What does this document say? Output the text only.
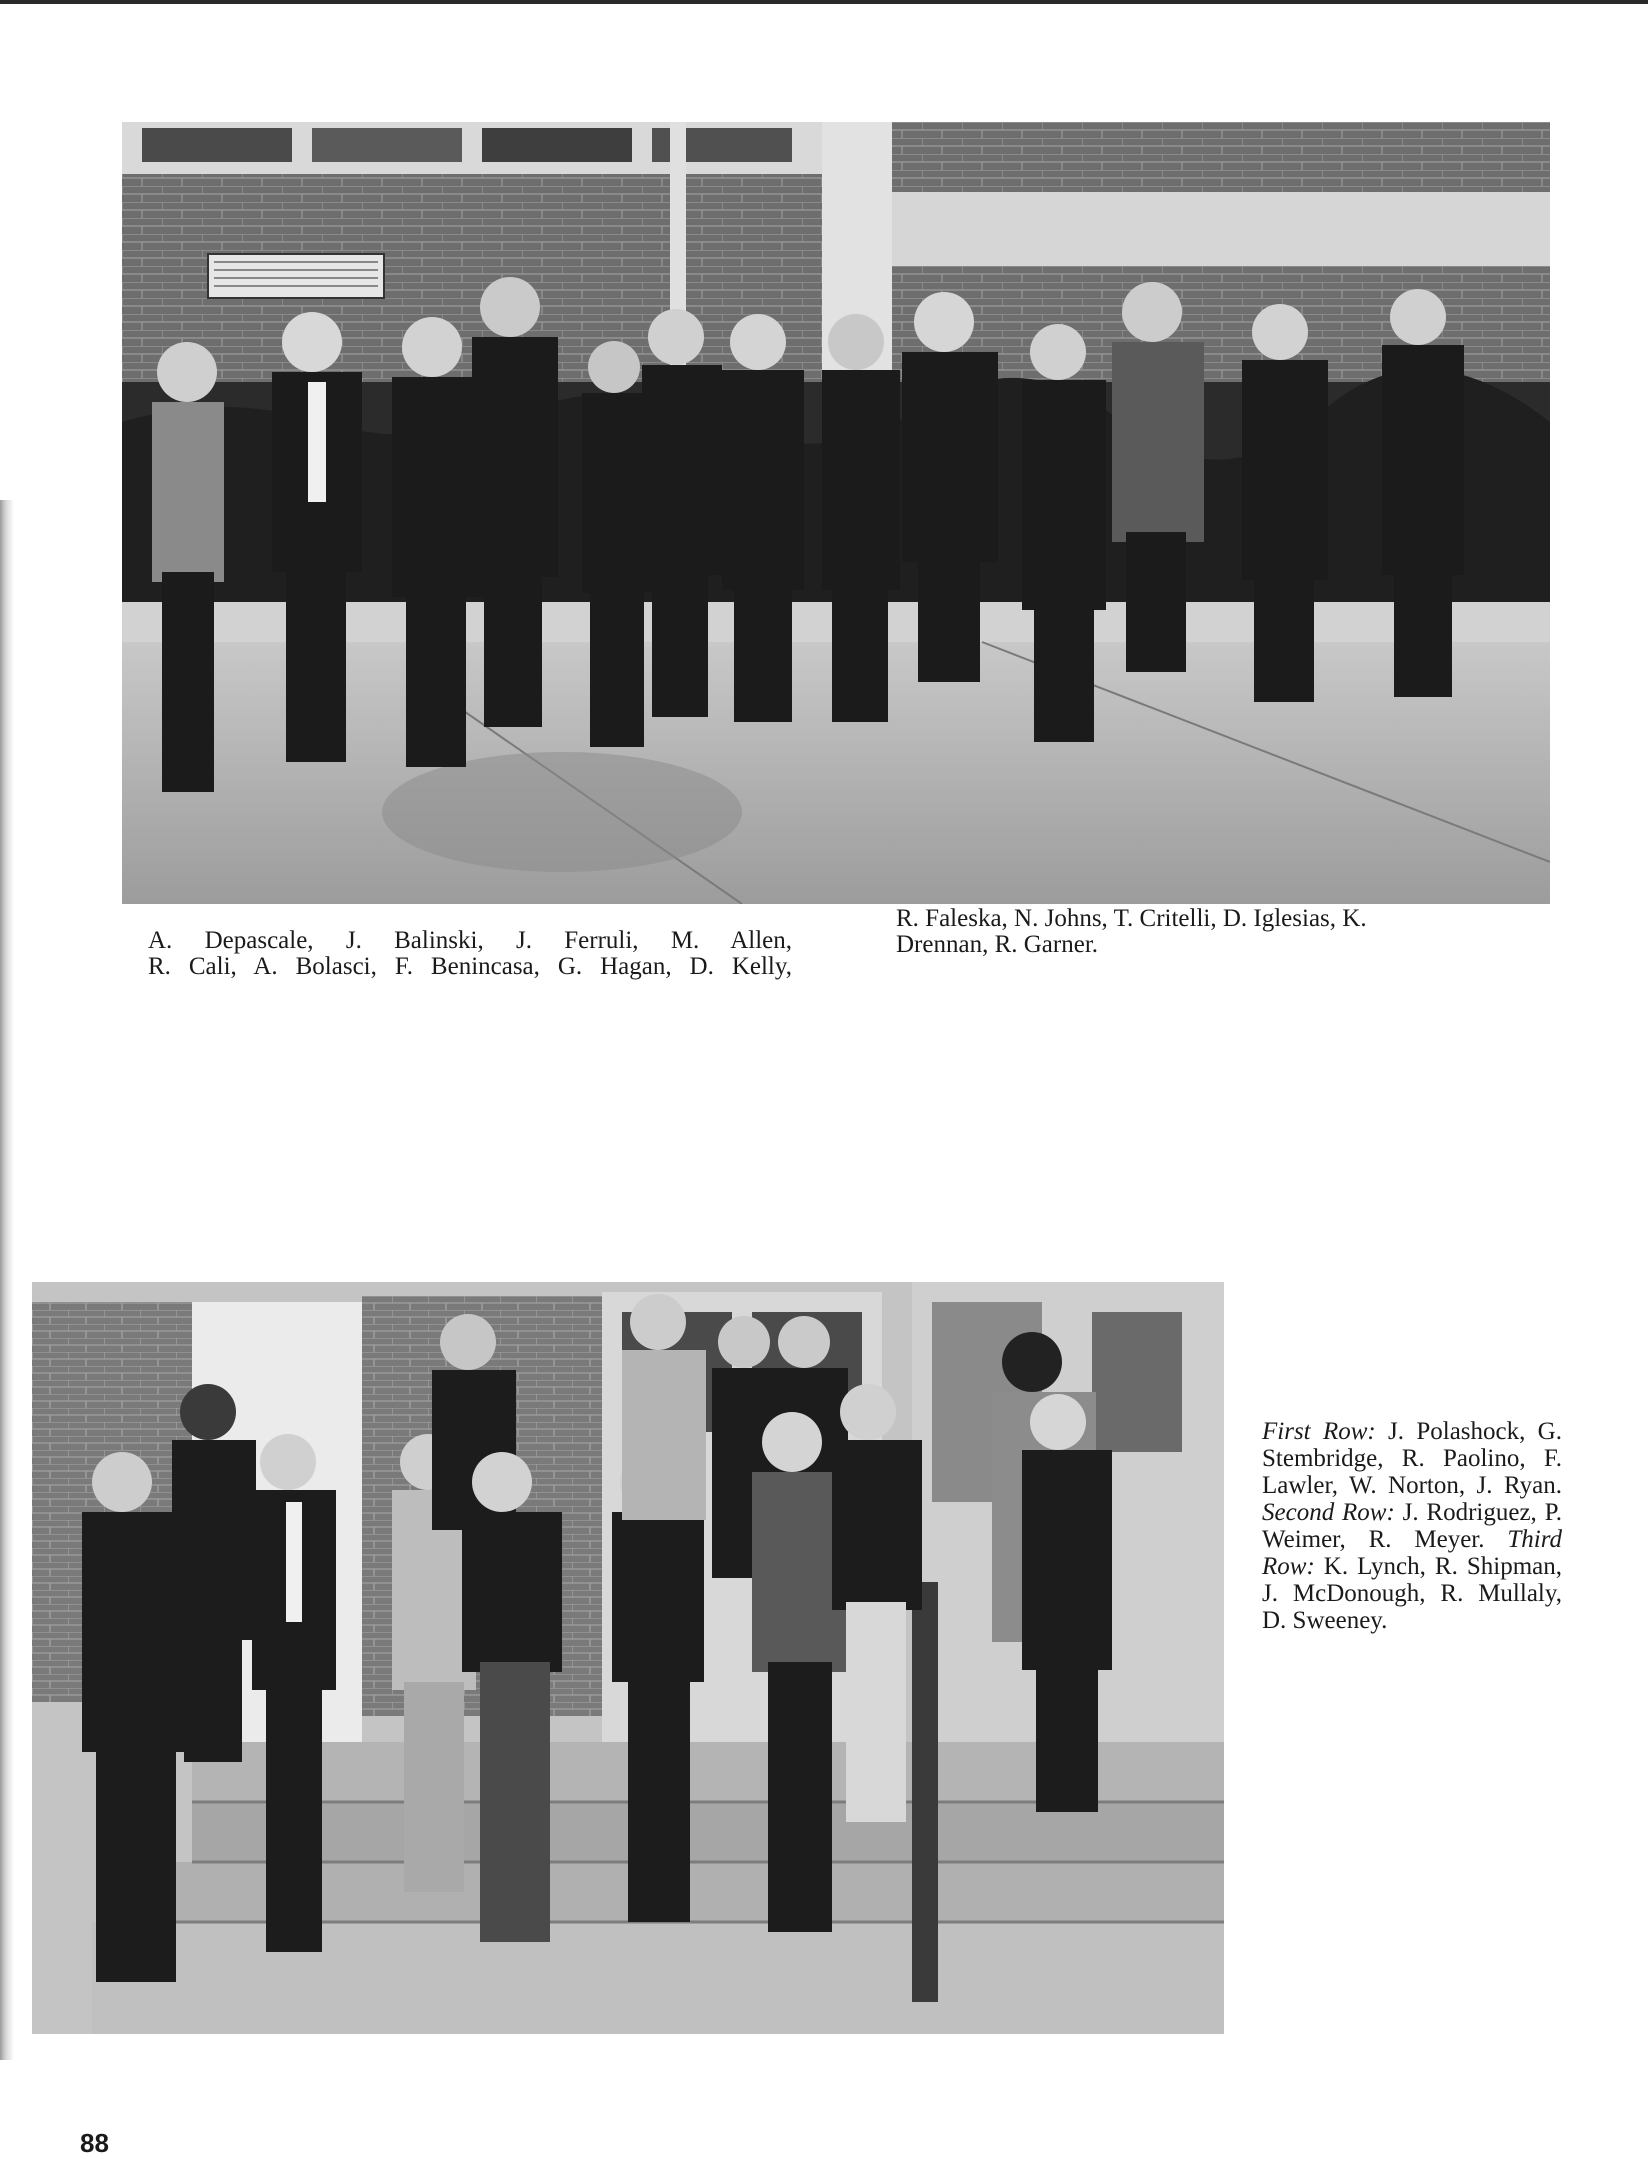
A. Depascale, J. Balinski, J. Ferruli, M. Allen,
R. Cali, A. Bolasci, F. Benincasa, G. Hagan, D. Kelly,
R. Faleska, N. Johns, T. Critelli, D. Iglesias, K.
Drennan, R. Garner.
First Row: J. Polashock, G. Stembridge, R. Paolino, F. Lawler, W. Norton, J. Ryan. Second Row: J. Rodriguez, P. Weimer, R. Meyer. Third Row: K. Lynch, R. Shipman, J. McDonough, R. Mullaly, D. Sweeney.
88
